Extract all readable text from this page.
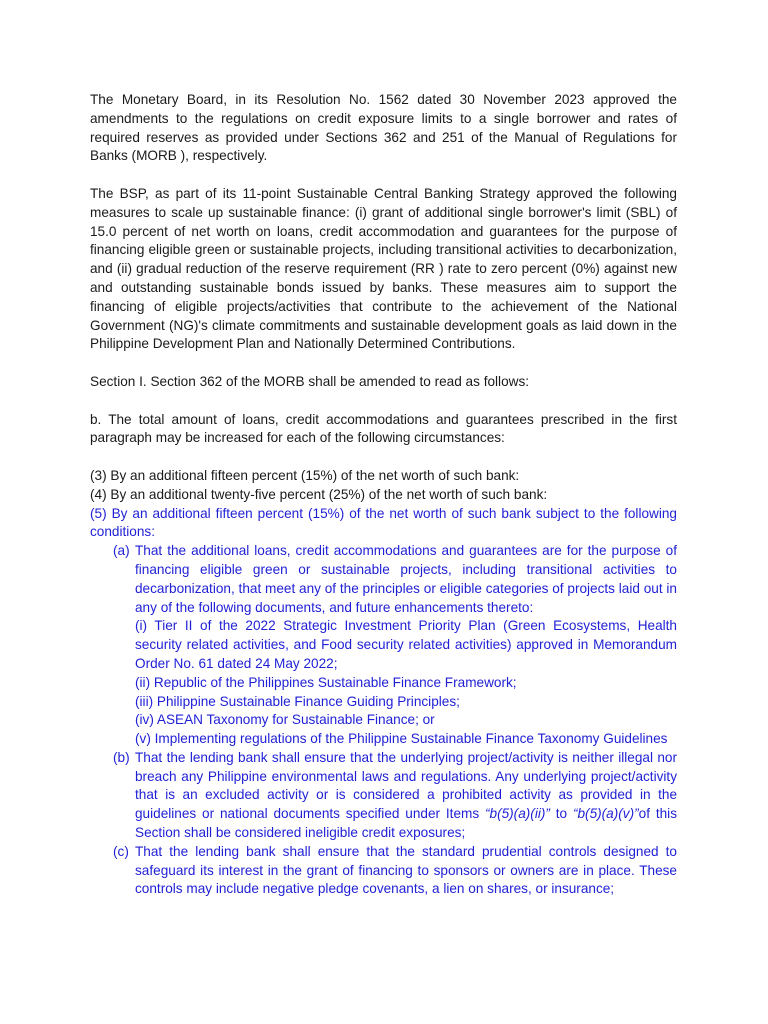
The Monetary Board, in its Resolution No. 1562 dated 30 November 2023 approved the amendments to the regulations on credit exposure limits to a single borrower and rates of required reserves as provided under Sections 362 and 251 of the Manual of Regulations for Banks (MORB ), respectively.

The BSP, as part of its 11-point Sustainable Central Banking Strategy approved the following measures to scale up sustainable finance: (i) grant of additional single borrower's limit (SBL) of 15.0 percent of net worth on loans, credit accommodation and guarantees for the purpose of financing eligible green or sustainable projects, including transitional activities to decarbonization, and (ii) gradual reduction of the reserve requirement (RR ) rate to zero percent (0%) against new and outstanding sustainable bonds issued by banks. These measures aim to support the financing of eligible projects/activities that contribute to the achievement of the National Government (NG)'s climate commitments and sustainable development goals as laid down in the Philippine Development Plan and Nationally Determined Contributions.

Section I. Section 362 of the MORB shall be amended to read as follows:

b. The total amount of loans, credit accommodations and guarantees prescribed in the first paragraph may be increased for each of the following circumstances:

(3) By an additional fifteen percent (15%) of the net worth of such bank:

(4) By an additional twenty-five percent (25%) of the net worth of such bank:

(5) By an additional fifteen percent (15%) of the net worth of such bank subject to the following conditions:

(a) That the additional loans, credit accommodations and guarantees are for the purpose of financing eligible green or sustainable projects, including transitional activities to decarbonization, that meet any of the principles or eligible categories of projects laid out in any of the following documents, and future enhancements thereto:

(i) Tier II of the 2022 Strategic Investment Priority Plan (Green Ecosystems, Health security related activities, and Food security related activities) approved in Memorandum Order No. 61 dated 24 May 2022;

(ii) Republic of the Philippines Sustainable Finance Framework;

(iii) Philippine Sustainable Finance Guiding Principles;

(iv) ASEAN Taxonomy for Sustainable Finance; or

(v) Implementing regulations of the Philippine Sustainable Finance Taxonomy Guidelines

(b) That the lending bank shall ensure that the underlying project/activity is neither illegal nor breach any Philippine environmental laws and regulations. Any underlying project/activity that is an excluded activity or is considered a prohibited activity as provided in the guidelines or national documents specified under Items “b(5)(a)(ii)” to “b(5)(a)(v)”of this Section shall be considered ineligible credit exposures;
(c) That the lending bank shall ensure that the standard prudential controls designed to safeguard its interest in the grant of financing to sponsors or owners are in place. These controls may include negative pledge covenants, a lien on shares, or insurance;
